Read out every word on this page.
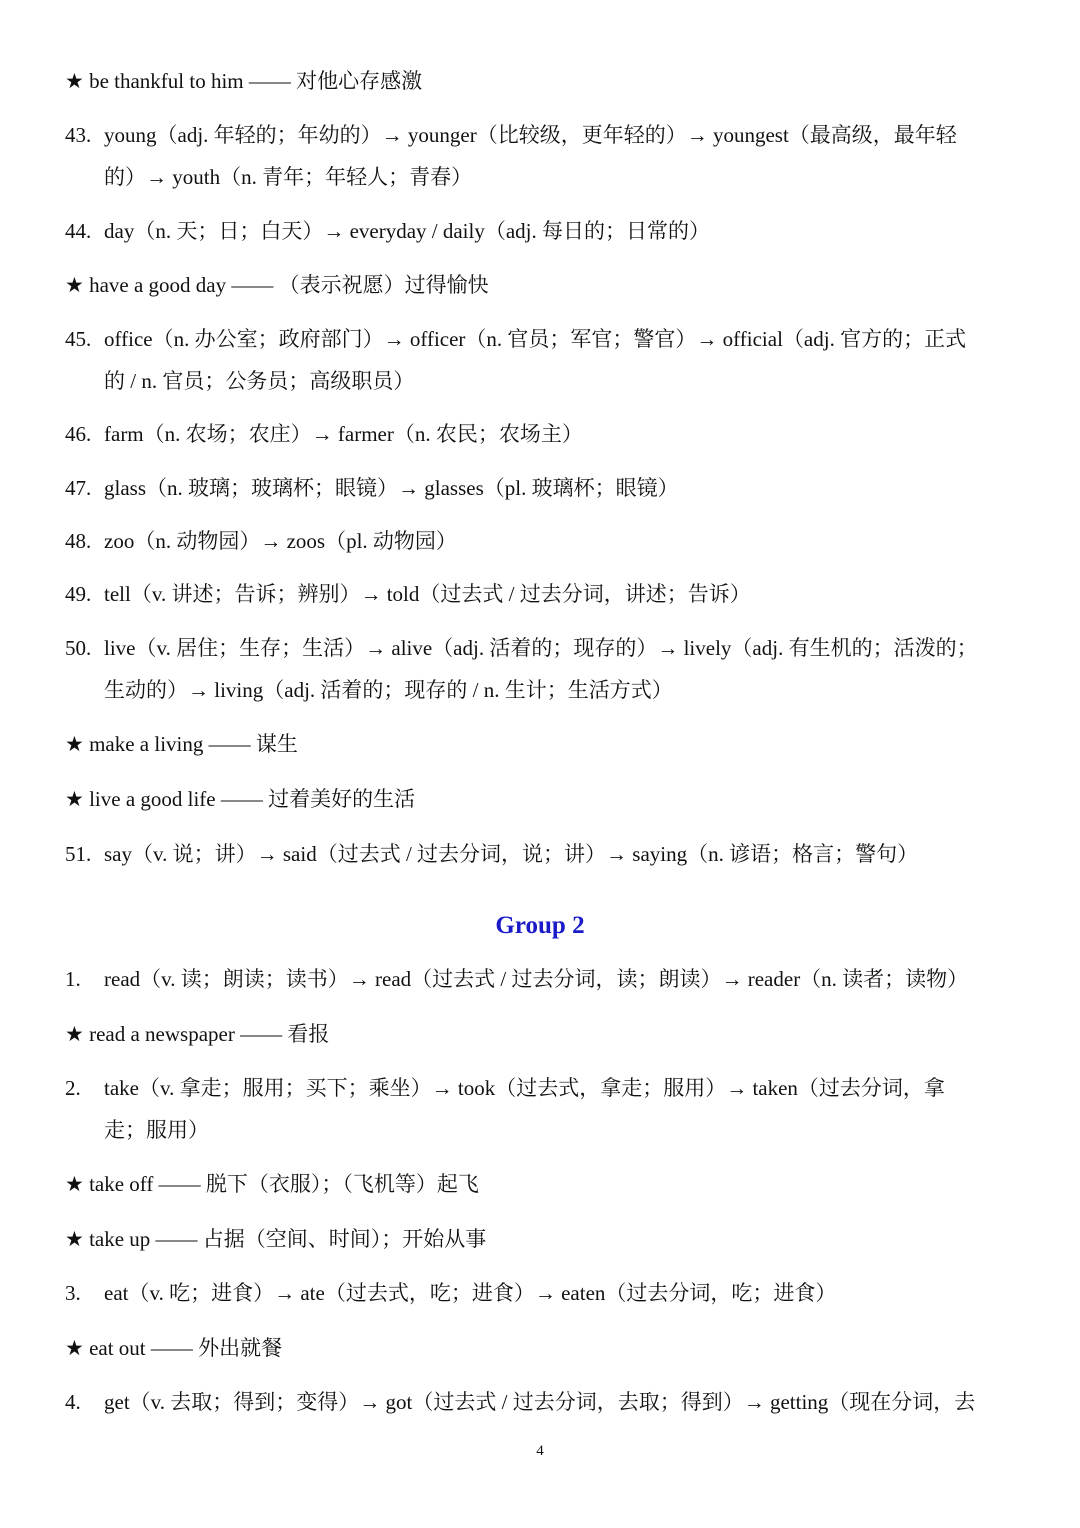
★ be thankful to him —— 对他心存感激
43. young（adj. 年轻的；年幼的）→ younger（比较级，更年轻的）→ youngest（最高级，最年轻
的）→ youth（n. 青年；年轻人；青春）
44. day（n. 天；日；白天）→ everyday / daily（adj. 每日的；日常的）
★ have a good day —— （表示祝愿）过得愉快
45. office（n. 办公室；政府部门）→ officer（n. 官员；军官；警官）→ official（adj. 官方的；正式
的 / n. 官员；公务员；高级职员）
46. farm（n. 农场；农庄）→ farmer（n. 农民；农场主）
47. glass（n. 玻璃；玻璃杯；眼镜）→ glasses（pl. 玻璃杯；眼镜）
48. zoo（n. 动物园）→ zoos（pl. 动物园）
49. tell（v. 讲述；告诉；辨别）→ told（过去式 / 过去分词，讲述；告诉）
50. live（v. 居住；生存；生活）→ alive（adj. 活着的；现存的）→ lively（adj. 有生机的；活泼的；
生动的）→ living（adj. 活着的；现存的 / n. 生计；生活方式）
★ make a living —— 谋生
★ live a good life —— 过着美好的生活
51. say（v. 说；讲）→ said（过去式 / 过去分词，说；讲）→ saying（n. 谚语；格言；警句）
Group 2
1. read（v. 读；朗读；读书）→ read（过去式 / 过去分词，读；朗读）→ reader（n. 读者；读物）
★ read a newspaper —— 看报
2. take（v. 拿走；服用；买下；乘坐）→ took（过去式，拿走；服用）→ taken（过去分词，拿
走；服用）
★ take off —— 脱下（衣服）；（飞机等）起飞
★ take up —— 占据（空间、时间）；开始从事
3. eat（v. 吃；进食）→ ate（过去式，吃；进食）→ eaten（过去分词，吃；进食）
★ eat out —— 外出就餐
4. get（v. 去取；得到；变得）→ got（过去式 / 过去分词，去取；得到）→ getting（现在分词，去
4
